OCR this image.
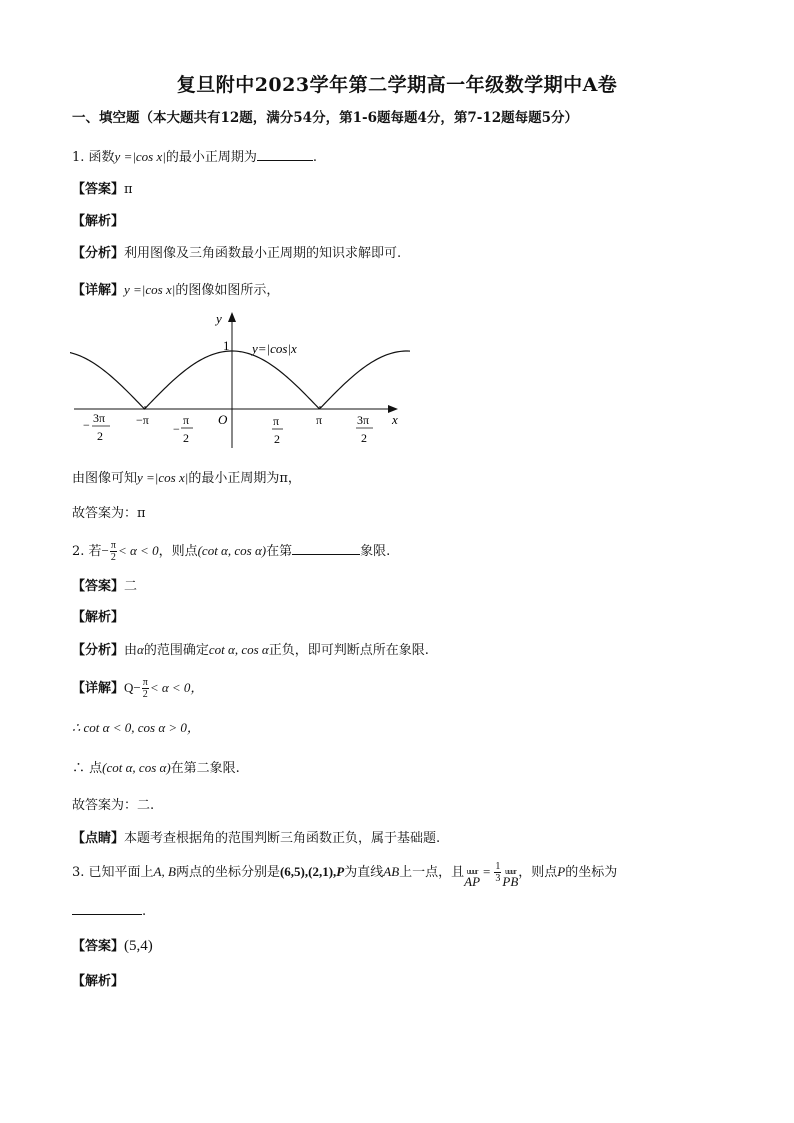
复旦附中2023学年第二学期高一年级数学期中A卷
一、填空题（本大题共有12题，满分54分，第1-6题每题4分，第7-12题每题5分）
1. 函数y =|cos x|的最小正周期为	.
【答案】π
【解析】
【分析】利用图像及三角函数最小正周期的知识求解即可.
【详解】y =|cos x|的图像如图所示，
y
x
O
1 y=|cos|x
− 3π
2
−π
−
π
2
π
2
π	3π
2
由图像可知y =|cos x|的最小正周期为π，
故答案为：π
2. 若− $\frac{\pi}{2} < \alpha < 0$，则点(cot α, cos α)在第	象限.
【答案】二
【解析】
【分析】由α的范围确定cot α, cos α正负，即可判断点所在象限.
【详解】$Q- \frac{\pi}{2} < \alpha < 0$，
∴ cot α < 0, cos α > 0，
∴ 点(cot α, cos α)在第二象限.
故答案为：二.
【点睛】本题考查根据角的范围判断三角函数正负，属于基础题.
3. 已知平面上A, B两点的坐标分别是(6,5),(2,1),P为直线AB上一点，且 uuur
$AP= \frac{1}{3}$ uuur
PB，则点P的坐标为
.
【答案】(5,4)
【解析】
